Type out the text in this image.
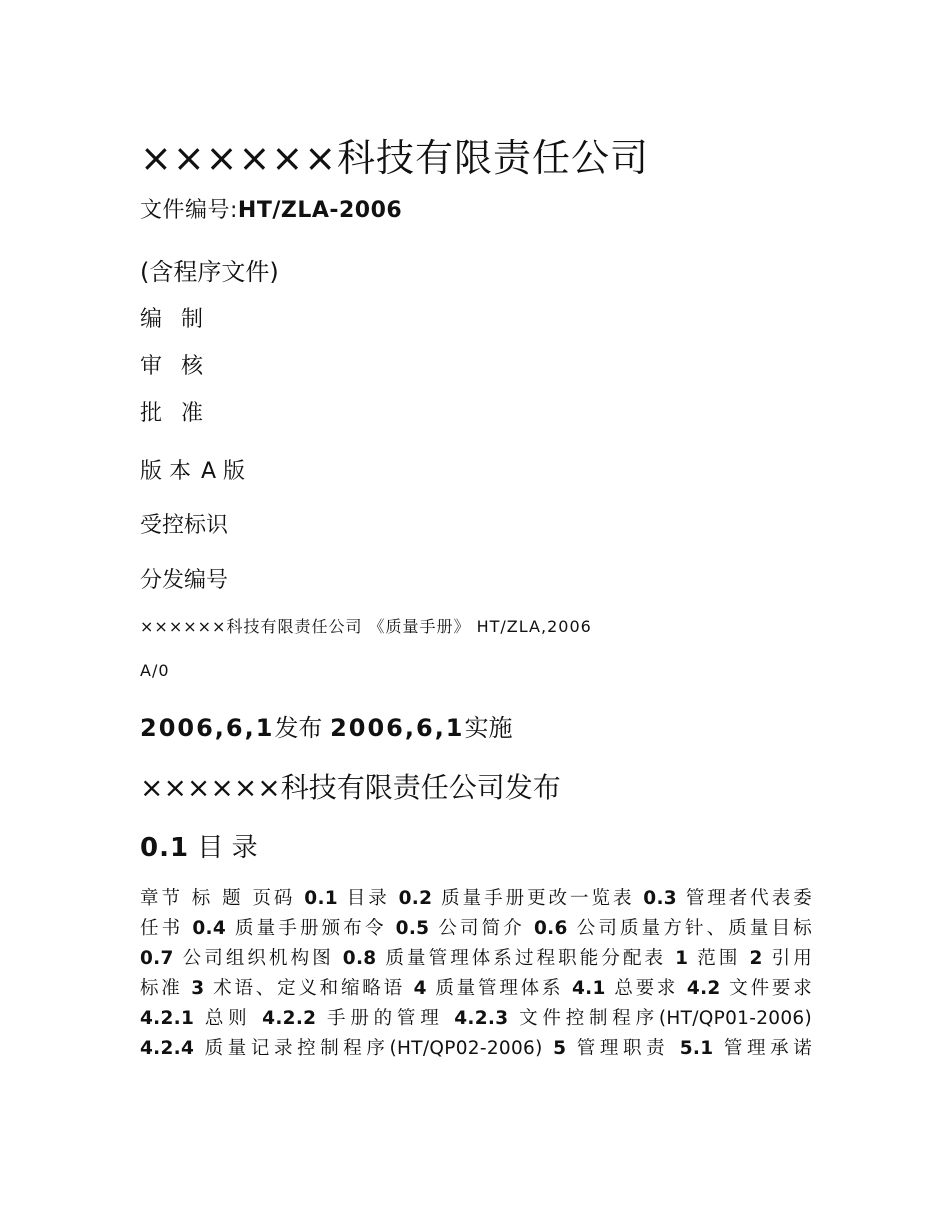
××××××科技有限责任公司
文件编号:HT/ZLA-2006
(含程序文件)
编 制
审 核
批 准
版 本 A 版
受控标识
分发编号
××××××科技有限责任公司 《质量手册》 HT/ZLA,2006
A/0
2006,6,1发布 2006,6,1实施
××××××科技有限责任公司发布
0.1 目 录
章节 标 题 页码 0.1 目录 0.2 质量手册更改一览表 0.3 管理者代表委
任书 0.4 质量手册颁布令 0.5 公司简介 0.6 公司质量方针、质量目标
0.7 公司组织机构图 0.8 质量管理体系过程职能分配表 1 范围 2 引用
标准 3 术语、定义和缩略语 4 质量管理体系 4.1 总要求 4.2 文件要求
4.2.1 总则 4.2.2 手册的管理 4.2.3 文件控制程序(HT/QP01-2006)
4.2.4 质量记录控制程序(HT/QP02-2006) 5 管理职责 5.1 管理承诺
